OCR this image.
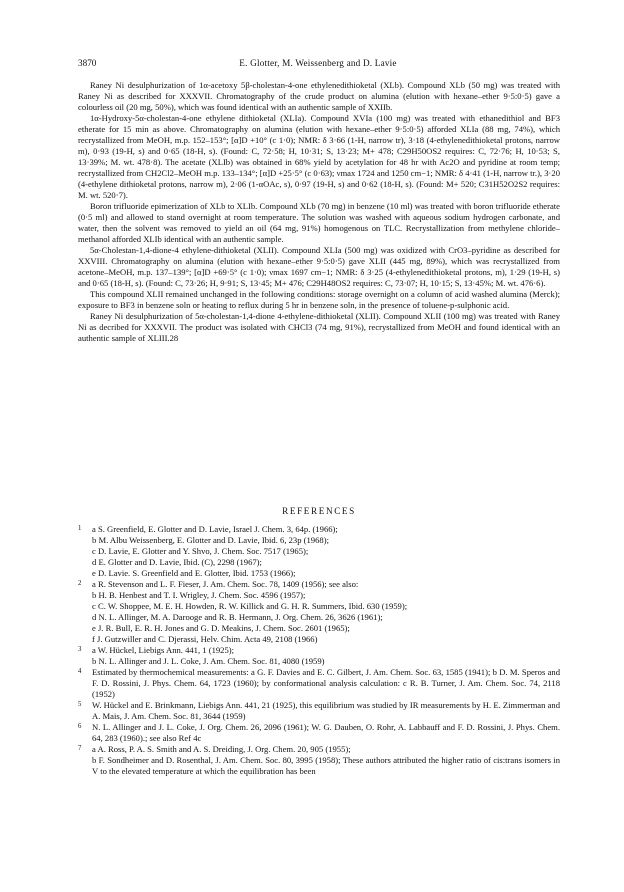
3870	E. Glotter, M. Weissenberg and D. Lavie

Raney Ni desulphurization of 1α-acetoxy 5β-cholestan-4-one ethylenedithioketal (XLb). Compound XLb (50 mg) was treated with Raney Ni as described for XXXVII. Chromatography of the crude product on alumina (elution with hexane–ether 9·5:0·5) gave a colourless oil (20 mg, 50%), which was found identical with an authentic sample of XXIIb.

1α-Hydroxy-5α-cholestan-4-one ethylene dithioketal (XLIa). Compound XVIa (100 mg) was treated with ethanedithiol and BF3 etherate for 15 min as above. Chromatography on alumina (elution with hexane–ether 9·5:0·5) afforded XLIa (88 mg, 74%), which recrystallized from MeOH, m.p. 152–153°; [α]D +10° (c 1·0); NMR: δ 3·66 (1-H, narrow tr), 3·18 (4-ethylenedithioketal protons, narrow m), 0·93 (19-H, s) and 0·65 (18-H, s). (Found: C, 72·58; H, 10·31; S, 13·23; M+ 478; C29H50OS2 requires: C, 72·76; H, 10·53; S, 13·39%; M. wt. 478·8). The acetate (XLIb) was obtained in 68% yield by acetylation for 48 hr with Ac2O and pyridine at room temp; recrystallized from CH2Cl2–MeOH m.p. 133–134°; [α]D +25·5° (c 0·63); νmax 1724 and 1250 cm−1; NMR: δ 4·41 (1-H, narrow tr.), 3·20 (4-ethylene dithioketal protons, narrow m), 2·06 (1-αOAc, s), 0·97 (19-H, s) and 0·62 (18-H, s). (Found: M+ 520; C31H52O2S2 requires: M. wt. 520·7).

Boron trifluoride epimerization of XLb to XLIb. Compound XLb (70 mg) in benzene (10 ml) was treated with boron trifluoride etherate (0·5 ml) and allowed to stand overnight at room temperature. The solution was washed with aqueous sodium hydrogen carbonate, and water, then the solvent was removed to yield an oil (64 mg, 91%) homogenous on TLC. Recrystallization from methylene chloride–methanol afforded XLIb identical with an authentic sample.

5α-Cholestan-1,4-dione-4 ethylene-dithioketal (XLII). Compound XLIa (500 mg) was oxidized with CrO3–pyridine as described for XXVIII. Chromatography on alumina (elution with hexane–ether 9·5:0·5) gave XLII (445 mg, 89%), which was recrystallized from acetone–MeOH, m.p. 137–139°; [α]D +69·5° (c 1·0); νmax 1697 cm−1; NMR: δ 3·25 (4-ethylenedithioketal protons, m), 1·29 (19-H, s) and 0·65 (18-H, s). (Found: C, 73·26; H, 9·91; S, 13·45; M+ 476; C29H48OS2 requires: C, 73·07; H, 10·15; S, 13·45%; M. wt. 476·6).

This compound XLII remained unchanged in the following conditions: storage overnight on a column of acid washed alumina (Merck); exposure to BF3 in benzene soln or heating to reflux during 5 hr in benzene soln, in the presence of toluene-p-sulphonic acid.

Raney Ni desulphurization of 5α-cholestan-1,4-dione 4-ethylene-dithioketal (XLII). Compound XLII (100 mg) was treated with Raney Ni as decribed for XXXVII. The product was isolated with CHCl3 (74 mg, 91%), recrystallized from MeOH and found identical with an authentic sample of XLIII.28

REFERENCES
1	a S. Greenfield, E. Glotter and D. Lavie, Israel J. Chem. 3, 64p. (1966);

b M. Albu Weissenberg, E. Glotter and D. Lavie, Ibid. 6, 23p (1968);

c D. Lavie, E. Glotter and Y. Shvo, J. Chem. Soc. 7517 (1965);

d E. Glotter and D. Lavie, Ibid. (C), 2298 (1967);

e D. Lavie. S. Greenfield and E. Glotter, Ibid. 1753 (1966);

2	a R. Stevenson and L. F. Fieser, J. Am. Chem. Soc. 78, 1409 (1956); see also:

b H. B. Henbest and T. I. Wrigley, J. Chem. Soc. 4596 (1957);

c C. W. Shoppee, M. E. H. Howden, R. W. Killick and G. H. R. Summers, Ibid. 630 (1959);

d N. L. Allinger, M. A. Darooge and R. B. Hermann, J. Org. Chem. 26, 3626 (1961);

e J. R. Bull, E. R. H. Jones and G. D. Meakins, J. Chem. Soc. 2601 (1965);

f J. Gutzwiller and C. Djerassi, Helv. Chim. Acta 49, 2108 (1966)

3	a W. Hückel, Liebigs Ann. 441, 1 (1925);

b N. L. Allinger and J. L. Coke, J. Am. Chem. Soc. 81, 4080 (1959)

4	Estimated by thermochemical measurements: a G. F. Davies and E. C. Gilbert, J. Am. Chem. Soc. 63, 1585 (1941); b D. M. Speros and F. D. Rossini, J. Phys. Chem. 64, 1723 (1960); by conformational analysis calculation: c R. B. Turner, J. Am. Chem. Soc. 74, 2118 (1952)

5	W. Hückel and E. Brinkmann, Liebigs Ann. 441, 21 (1925), this equilibrium was studied by IR measurements by H. E. Zimmerman and A. Mais, J. Am. Chem. Soc. 81, 3644 (1959)

6	N. L. Allinger and J. L. Coke, J. Org. Chem. 26, 2096 (1961); W. G. Dauben, O. Rohr, A. Labbauff and F. D. Rossini, J. Phys. Chem. 64, 283 (1960).; see also Ref 4c

7	a A. Ross, P. A. S. Smith and A. S. Dreiding, J. Org. Chem. 20, 905 (1955);

b F. Sondheimer and D. Rosenthal, J. Am. Chem. Soc. 80, 3995 (1958); These authors attributed the higher ratio of cis:trans isomers in V to the elevated temperature at which the equilibration has been
